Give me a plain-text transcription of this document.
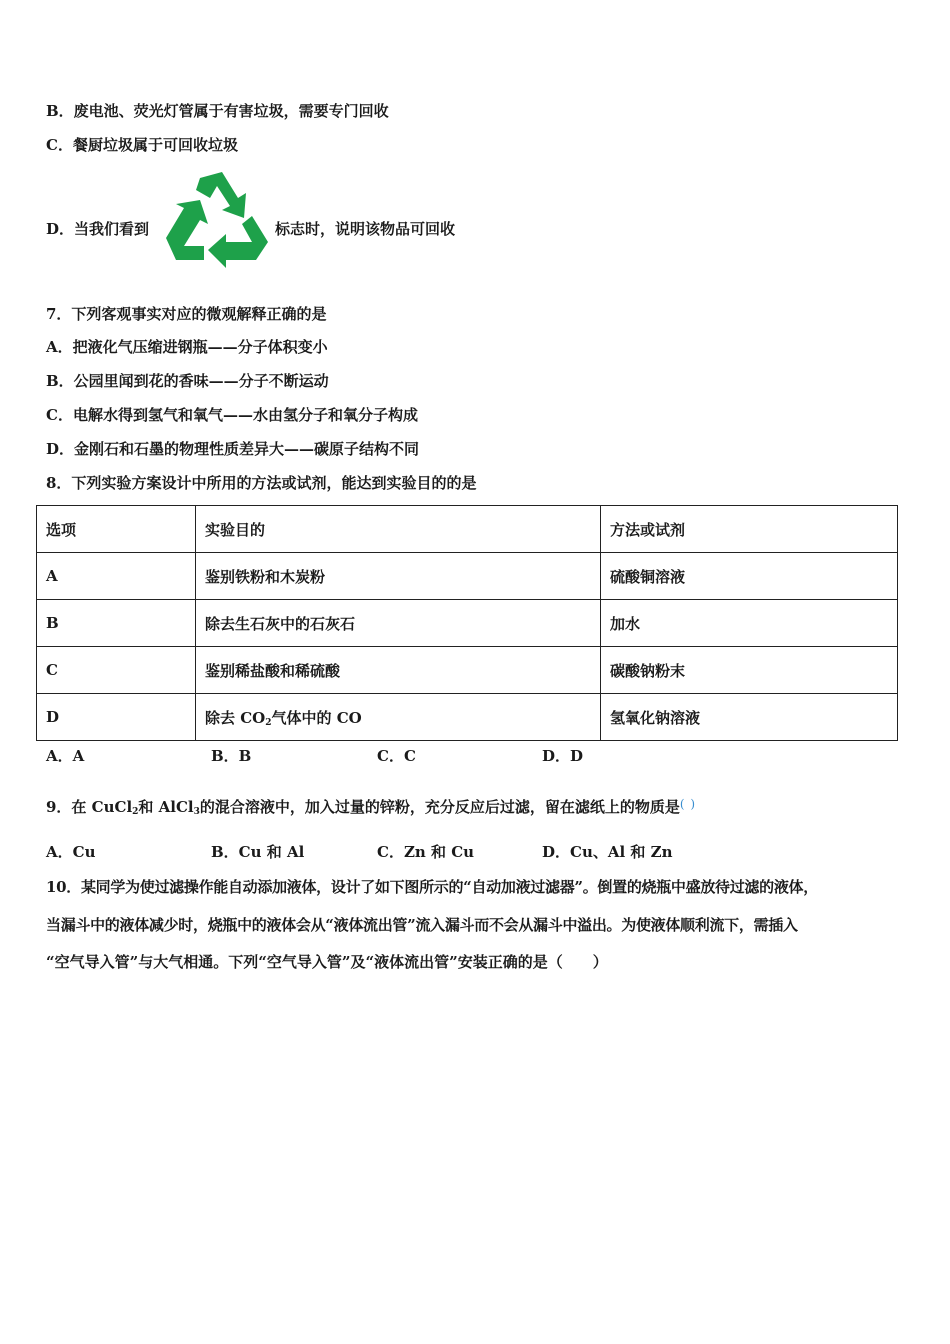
B．废电池、荧光灯管属于有害垃圾，需要专门回收
C．餐厨垃圾属于可回收垃圾
D．当我们看到	标志时，说明该物品可回收
7．下列客观事实对应的微观解释正确的是
A．把液化气压缩进钢瓶——分子体积变小
B．公园里闻到花的香味——分子不断运动
C．电解水得到氢气和氧气——水由氢分子和氧分子构成
D．金刚石和石墨的物理性质差异大——碳原子结构不同
8．下列实验方案设计中所用的方法或试剂，能达到实验目的的是
选项	实验目的	方法或试剂
A	鉴别铁粉和木炭粉	硫酸铜溶液
B	除去生石灰中的石灰石	加水
C	鉴别稀盐酸和稀硫酸	碳酸钠粉末
D	除去 $CO_2$气体中的 CO	氢氧化钠溶液
A．A	B．B	C．C	D．D
9．在 CuCl$_2$和 AlCl$_3$的混合溶液中，加入过量的锌粉，充分反应后过滤，留在滤纸上的物质是( )
A．Cu	B．Cu 和 Al	C．Zn 和 Cu	D．Cu、Al 和 Zn
10．某同学为使过滤操作能自动添加液体，设计了如下图所示的“自动加液过滤器”。倒置的烧瓶中盛放待过滤的液体，
当漏斗中的液体减少时，烧瓶中的液体会从“液体流出管”流入漏斗而不会从漏斗中溢出。为使液体顺利流下，需插入
“空气导入管”与大气相通。下列“空气导入管”及“液体流出管”安装正确的是（　　）
